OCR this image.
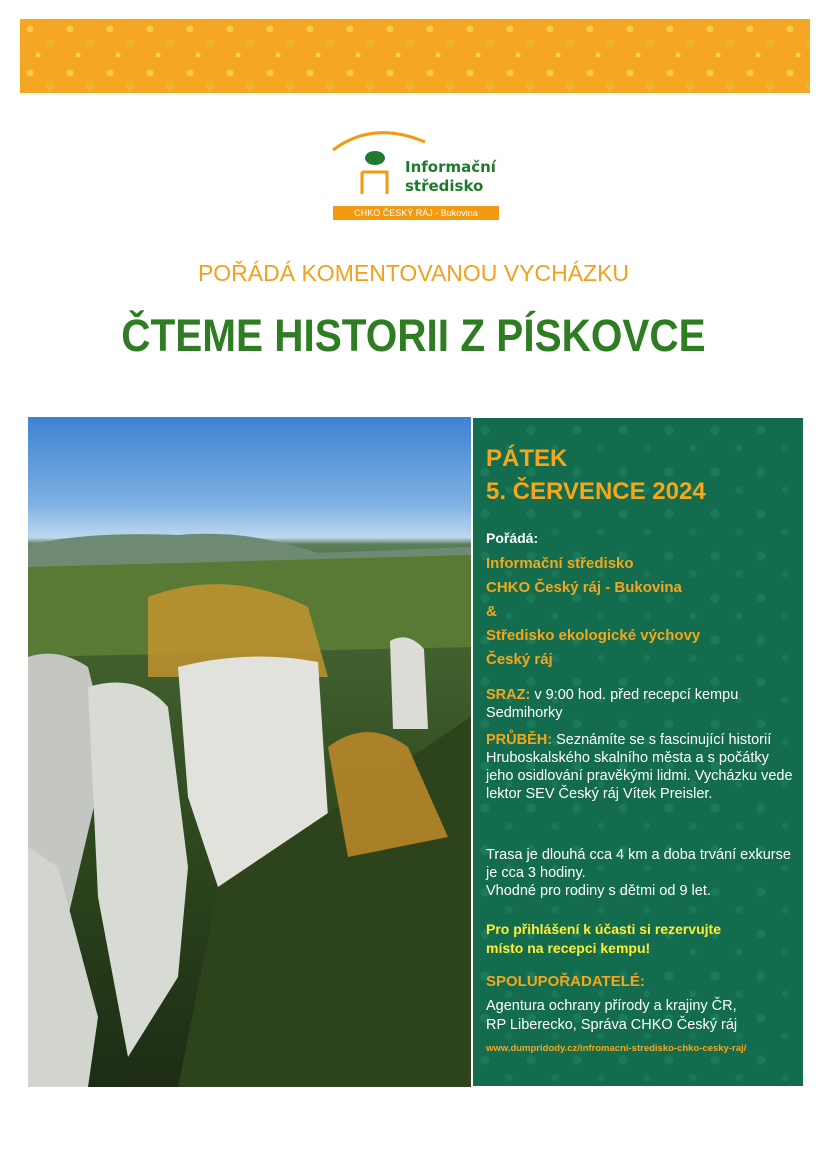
Informační
středisko
CHKO ČESKÝ RÁJ - Bukovina
POŘÁDÁ KOMENTOVANOU VYCHÁZKU
ČTEME HISTORII Z PÍSKOVCE
PÁTEK
5. ČERVENCE 2024
Pořádá:
Informační středisko
CHKO Český ráj - Bukovina
&
Středisko ekologické výchovy
Český ráj
SRAZ: v 9:00 hod. před recepcí kempu Sedmihorky
PRŮBĚH: Seznámíte se s fascinující historií Hruboskalského skalního města a s počátky jeho osidlování pravěkými lidmi. Vycházku vede lektor SEV Český ráj Vítek Preisler.
Trasa je dlouhá cca 4 km a doba trvání exkurse je cca 3 hodiny.
Vhodné pro rodiny s dětmi od 9 let.
Pro přihlášení k účasti si rezervujte
místo na recepci kempu!
SPOLUPOŘADATELÉ:
Agentura ochrany přírody a krajiny ČR,
RP Liberecko, Správa CHKO Český ráj
www.dumpridody.cz/infromacni-stredisko-chko-cesky-raj/
